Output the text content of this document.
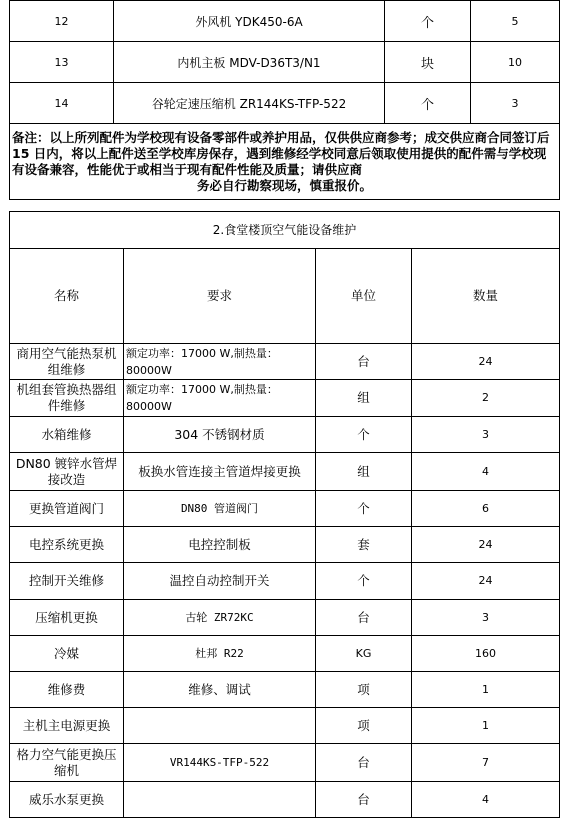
12	外风机 YDK450-6A	个	5
13	内机主板 MDV-D36T3/N1	块	10
14	谷轮定速压缩机 ZR144KS-TFP-522	个	3
备注：以上所列配件为学校现有设备零部件或养护用品，仅供供应商参考；成交供应商合同签订后 15 日内，将以上配件送至学校库房保存，遇到维修经学校同意后领取使用提供的配件需与学校现有设备兼容，性能优于或相当于现有配件性能及质量；请供应商
务必自行勘察现场，慎重报价。			
2.食堂楼顶空气能设备维护			
名称	要求	单位	数量
商用空气能热泵机组维修	额定功率：17000 W,制热量：80000W	台	24
机组套管换热器组件维修	额定功率：17000 W,制热量：80000W	组	2
水箱维修	304 不锈钢材质	个	3
DN80 镀锌水管焊接改造	板换水管连接主管道焊接更换	组	4
更换管道阀门	DN80 管道阀门	个	6
电控系统更换	电控控制板	套	24
控制开关维修	温控自动控制开关	个	24
压缩机更换	古轮 ZR72KC	台	3
冷媒	杜邦 R22	KG	160
维修费	维修、调试	项	1
主机主电源更换		项	1
格力空气能更换压缩机	VR144KS-TFP-522	台	7
威乐水泵更换		台	4
